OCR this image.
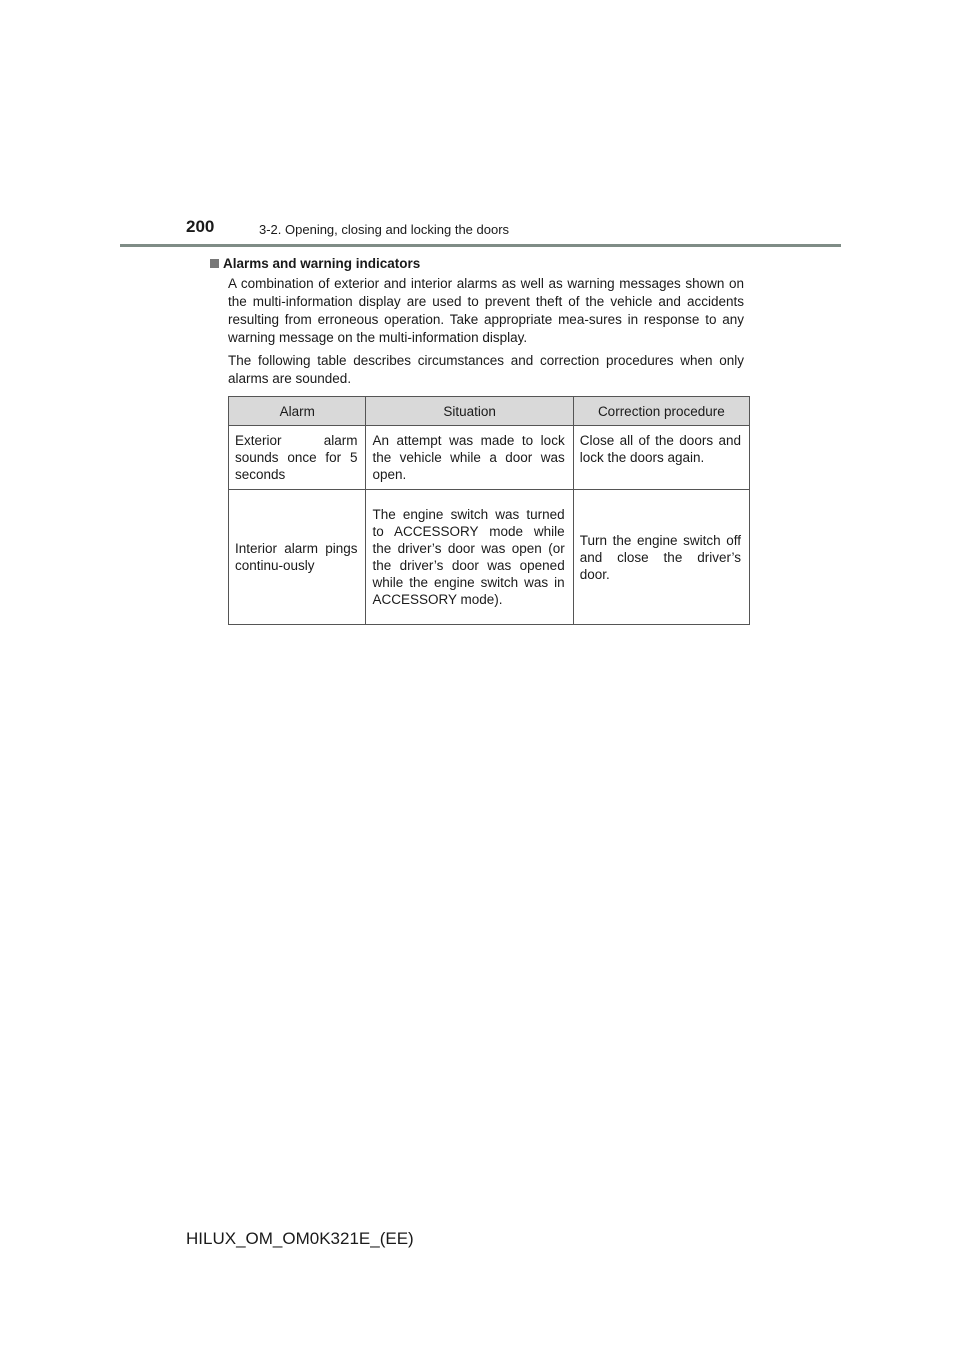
200	3-2. Opening, closing and locking the doors
Alarms and warning indicators
A combination of exterior and interior alarms as well as warning messages shown on the multi-information display are used to prevent theft of the vehicle and accidents resulting from erroneous operation. Take appropriate mea-sures in response to any warning message on the multi-information display.
The following table describes circumstances and correction procedures when only alarms are sounded.
Alarm	Situation	Correction procedure
Exterior alarm sounds once for 5 seconds	An attempt was made to lock the vehicle while a door was open.	Close all of the doors and lock the doors again.
Interior alarm pings continu-ously	The engine switch was turned to ACCESSORY mode while the driver’s door was open (or the driver’s door was opened while the engine switch was in ACCESSORY mode).	Turn the engine switch off and close the driver’s door.
HILUX_OM_OM0K321E_(EE)
